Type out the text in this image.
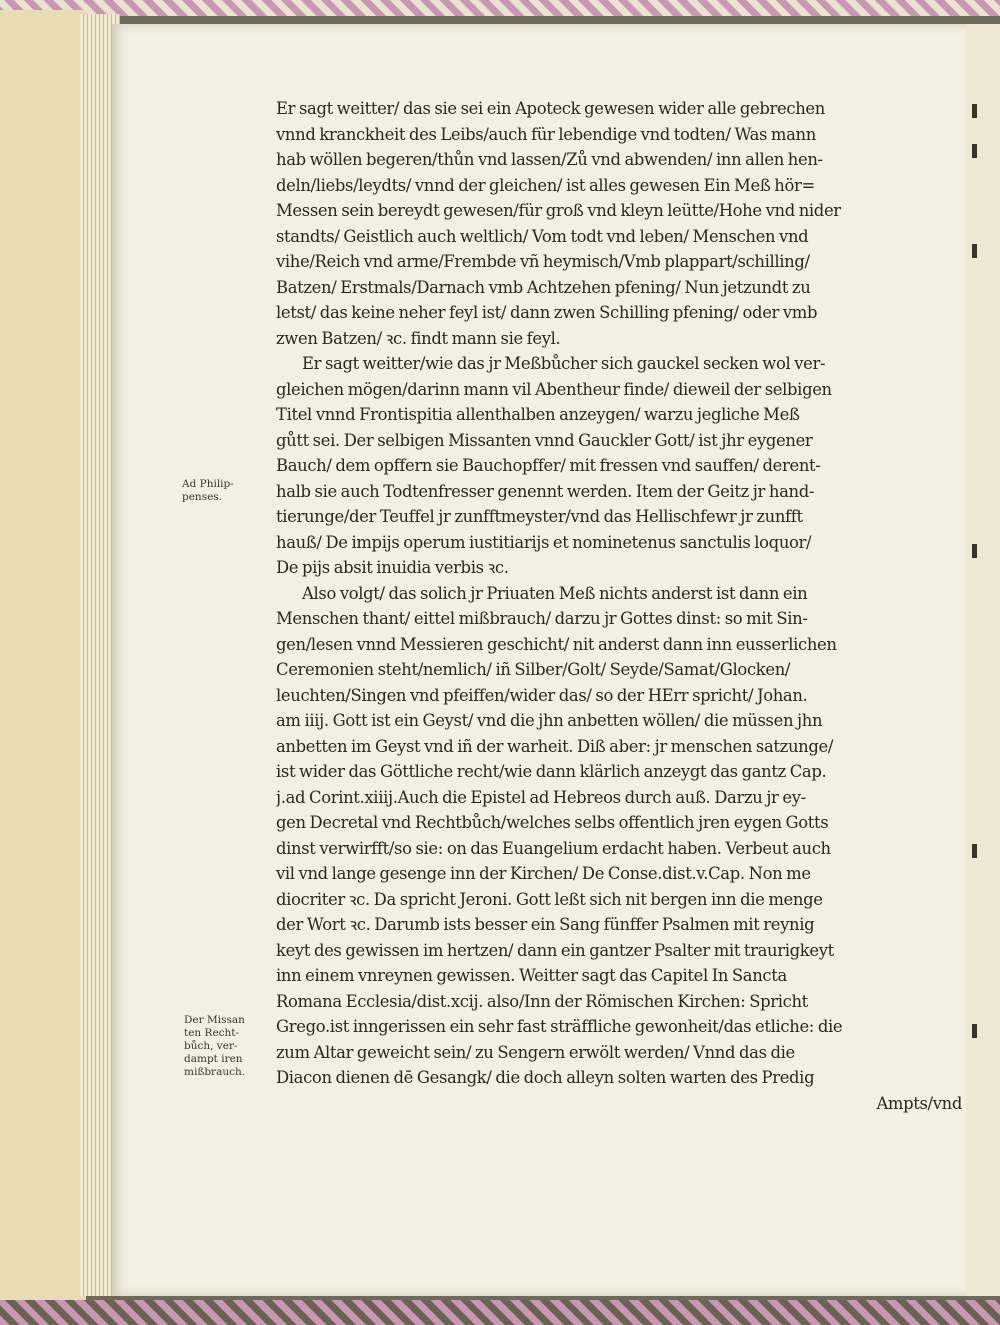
Er sagt weitter/ das sie sei ein Apoteck gewesen wider alle gebrechen
vnnd kranckheit des Leibs/auch für lebendige vnd todten/ Was mann
hab wöllen begeren/thůn vnd lassen/Zů vnd abwenden/ inn allen hen-
deln/liebs/leydts/ vnnd der gleichen/ ist alles gewesen Ein Meß hör=
Messen sein bereydt gewesen/für groß vnd kleyn leütte/Hohe vnd nider
standts/ Geistlich auch weltlich/ Vom todt vnd leben/ Menschen vnd
vihe/Reich vnd arme/Frembde vñ heymisch/Vmb plappart/schilling/
Batzen/ Erstmals/Darnach vmb Achtzehen pfening/ Nun jetzundt zu
letst/ das keine neher feyl ist/ dann zwen Schilling pfening/ oder vmb
zwen Batzen/ ꝛc. findt mann sie feyl.
Er sagt weitter/wie das jr Meßbůcher sich gauckel secken wol ver-
gleichen mögen/darinn mann vil Abentheur finde/ dieweil der selbigen
Titel vnnd Frontispitia allenthalben anzeygen/ warzu jegliche Meß
gůtt sei. Der selbigen Missanten vnnd Gauckler Gott/ ist jhr eygener
Bauch/ dem opffern sie Bauchopffer/ mit fressen vnd sauffen/ derent-
halb sie auch Todtenfresser genennt werden. Item der Geitz jr hand-
tierunge/der Teuffel jr zunfftmeyster/vnd das Hellischfewr jr zunfft
hauß/ De impijs operum iustitiarijs et nominetenus sanctulis loquor/
De pijs absit inuidia verbis ꝛc.
Also volgt/ das solich jr Priuaten Meß nichts anderst ist dann ein
Menschen thant/ eittel mißbrauch/ darzu jr Gottes dinst: so mit Sin-
gen/lesen vnnd Messieren geschicht/ nit anderst dann inn eusserlichen
Ceremonien steht/nemlich/ iñ Silber/Golt/ Seyde/Samat/Glocken/
leuchten/Singen vnd pfeiffen/wider das/ so der HErr spricht/ Johan.
am iiij. Gott ist ein Geyst/ vnd die jhn anbetten wöllen/ die müssen jhn
anbetten im Geyst vnd iñ der warheit. Diß aber: jr menschen satzunge/
ist wider das Göttliche recht/wie dann klärlich anzeygt das gantz Cap.
j.ad Corint.xiiij.Auch die Epistel ad Hebreos durch auß. Darzu jr ey-
gen Decretal vnd Rechtbůch/welches selbs offentlich jren eygen Gotts
dinst verwirfft/so sie: on das Euangelium erdacht haben. Verbeut auch
vil vnd lange gesenge inn der Kirchen/ De Conse.dist.v.Cap. Non me
diocriter ꝛc. Da spricht Jeroni. Gott leßt sich nit bergen inn die menge
der Wort ꝛc. Darumb ists besser ein Sang fünffer Psalmen mit reynig
keyt des gewissen im hertzen/ dann ein gantzer Psalter mit traurigkeyt
inn einem vnreynen gewissen. Weitter sagt das Capitel In Sancta
Romana Ecclesia/dist.xcij. also/Inn der Römischen Kirchen: Spricht
Grego.ist inngerissen ein sehr fast sträffliche gewonheit/das etliche: die
zum Altar geweicht sein/ zu Sengern erwölt werden/ Vnnd das die
Diacon dienen dē Gesangk/ die doch alleyn solten warten des Predig
Ampts/vnd
Ad Philip-
penses.
Der Missan
ten Recht-
bůch, ver-
dampt iren
mißbrauch.
